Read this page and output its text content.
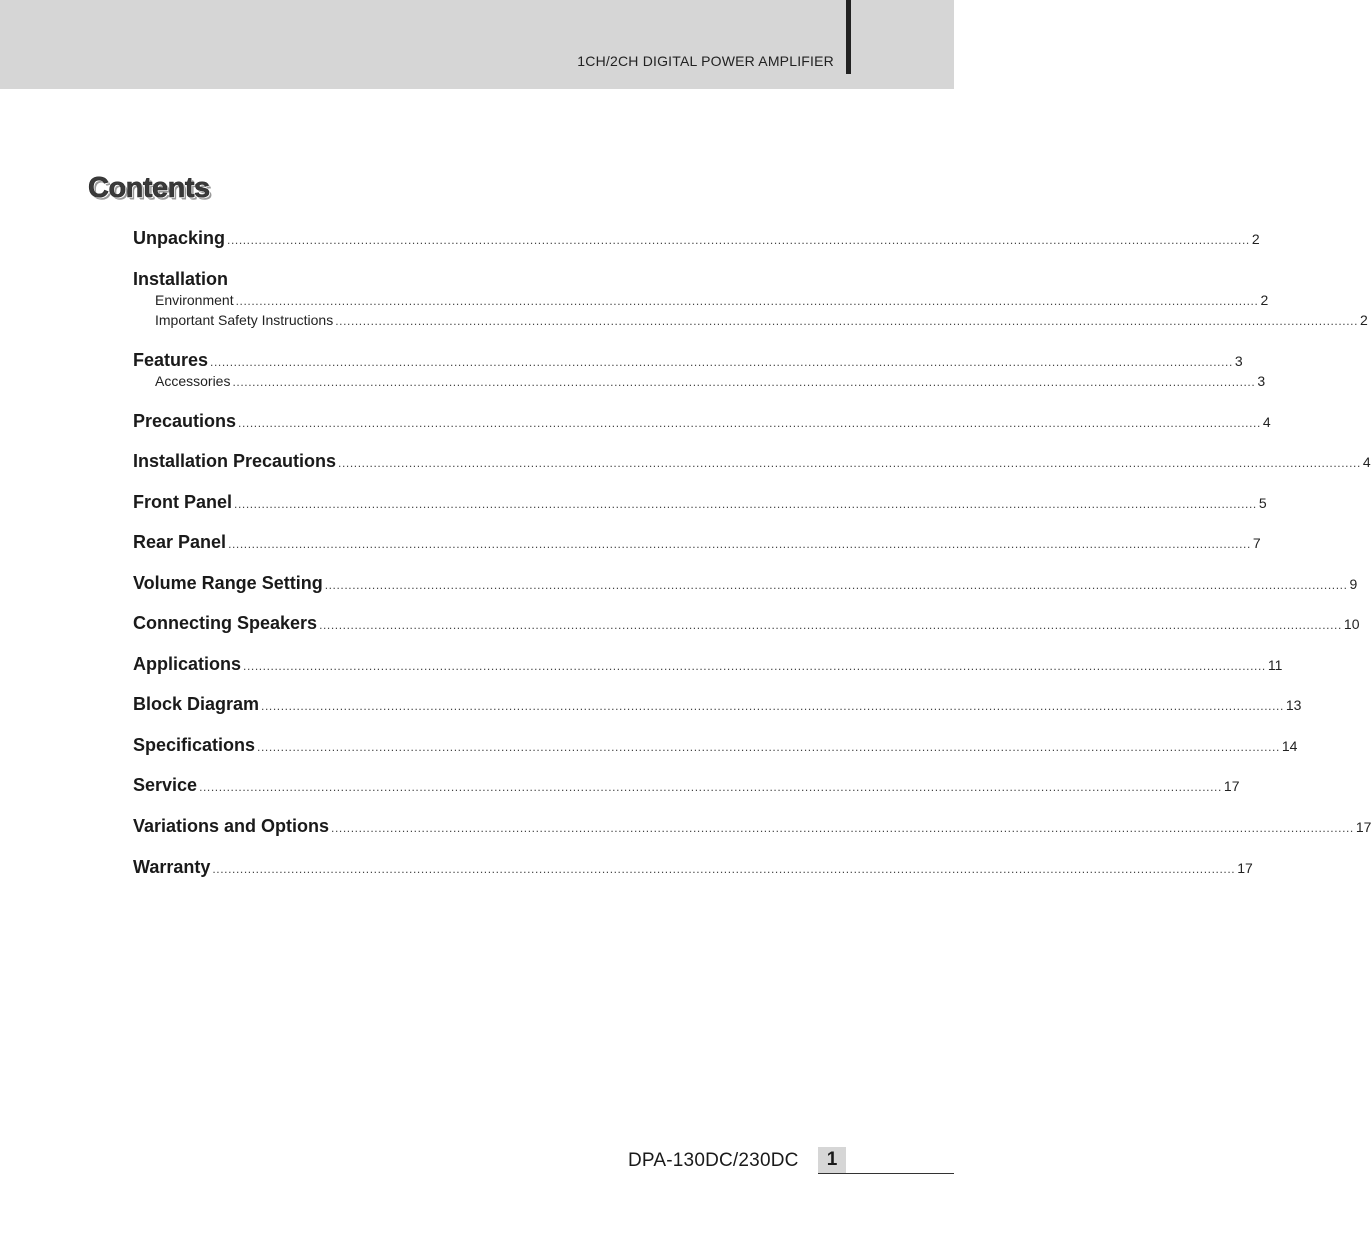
1CH/2CH DIGITAL POWER AMPLIFIER
Contents
Unpacking .................................................................................................................................................................................................................................................................... 2
Installation
Environment .................................................................................................................................................................................................................................................................... 2
Important Safety Instructions .................................................................................................................................................................................................................................................................... 2
Features .................................................................................................................................................................................................................................................................... 3
Accessories .................................................................................................................................................................................................................................................................... 3
Precautions .................................................................................................................................................................................................................................................................... 4
Installation Precautions .................................................................................................................................................................................................................................................................... 4
Front Panel .................................................................................................................................................................................................................................................................... 5
Rear Panel .................................................................................................................................................................................................................................................................... 7
Volume Range Setting .................................................................................................................................................................................................................................................................... 9
Connecting Speakers .................................................................................................................................................................................................................................................................... 10
Applications .................................................................................................................................................................................................................................................................... 11
Block Diagram .................................................................................................................................................................................................................................................................... 13
Specifications .................................................................................................................................................................................................................................................................... 14
Service .................................................................................................................................................................................................................................................................... 17
Variations and Options .................................................................................................................................................................................................................................................................... 17
Warranty .................................................................................................................................................................................................................................................................... 17
DPA-130DC/230DC	1
